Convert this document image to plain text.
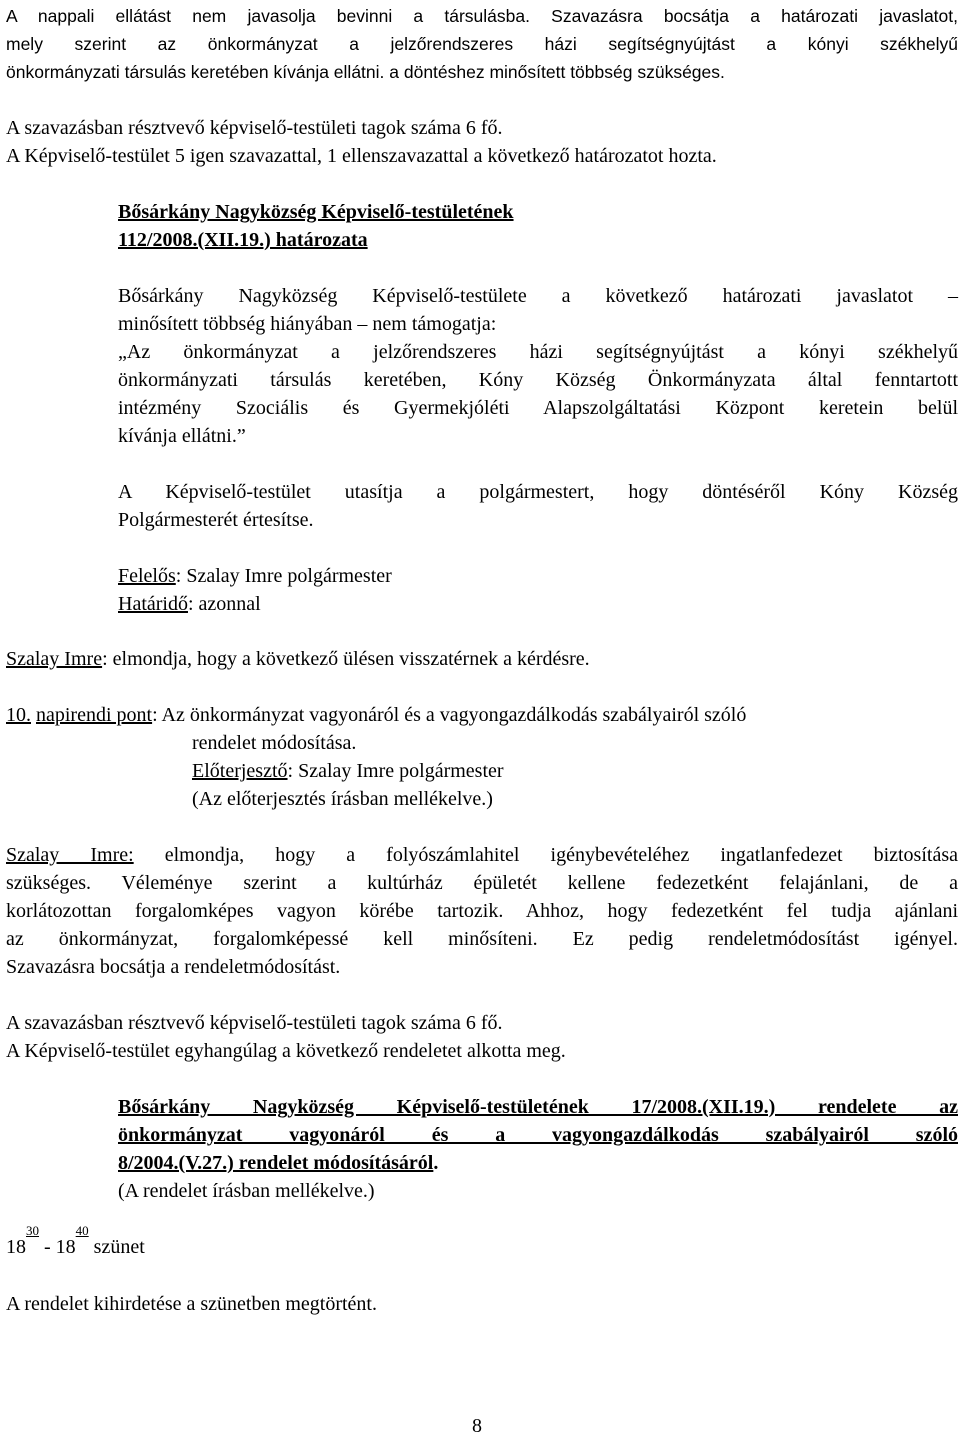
A nappali ellátást nem javasolja bevinni a társulásba. Szavazásra bocsátja a határozati javaslatot,
mely szerint az önkormányzat a jelzőrendszeres házi segítségnyújtást a kónyi székhelyű
önkormányzati társulás keretében kívánja ellátni. a döntéshez minősített többség szükséges.
A szavazásban résztvevő képviselő-testületi tagok száma 6 fő.
A Képviselő-testület 5 igen szavazattal, 1 ellenszavazattal a következő határozatot hozta.
Bősárkány Nagyközség Képviselő-testületének
112/2008.(XII.19.) határozata
Bősárkány Nagyközség Képviselő-testülete a következő határozati javaslatot –
minősített többség hiányában – nem támogatja:
„Az önkormányzat a jelzőrendszeres házi segítségnyújtást a kónyi székhelyű
önkormányzati társulás keretében, Kóny Község Önkormányzata által fenntartott
intézmény Szociális és Gyermekjóléti Alapszolgáltatási Központ keretein belül
kívánja ellátni.”
A Képviselő-testület utasítja a polgármestert, hogy döntéséről Kóny Község
Polgármesterét értesítse.
Felelős: Szalay Imre polgármester
Határidő: azonnal
Szalay Imre: elmondja, hogy a következő ülésen visszatérnek a kérdésre.
10. napirendi pont: Az önkormányzat vagyonáról és a vagyongazdálkodás szabályairól szóló
rendelet módosítása.
Előterjesztő: Szalay Imre polgármester
(Az előterjesztés írásban mellékelve.)
Szalay Imre: elmondja, hogy a folyószámlahitel igénybevételéhez ingatlanfedezet biztosítása
szükséges. Véleménye szerint a kultúrház épületét kellene fedezetként felajánlani, de a
korlátozottan forgalomképes vagyon körébe tartozik. Ahhoz, hogy fedezetként fel tudja ajánlani
az önkormányzat, forgalomképessé kell minősíteni. Ez pedig rendeletmódosítást igényel.
Szavazásra bocsátja a rendeletmódosítást.
A szavazásban résztvevő képviselő-testületi tagok száma 6 fő.
A Képviselő-testület egyhangúlag a következő rendeletet alkotta meg.
Bősárkány Nagyközség Képviselő-testületének 17/2008.(XII.19.) rendelete az
önkormányzat vagyonáról és a vagyongazdálkodás szabályairól szóló
8/2004.(V.27.) rendelet módosításáról.
(A rendelet írásban mellékelve.)
$18^{30} - 18^{40}$ szünet
A rendelet kihirdetése a szünetben megtörtént.
8
